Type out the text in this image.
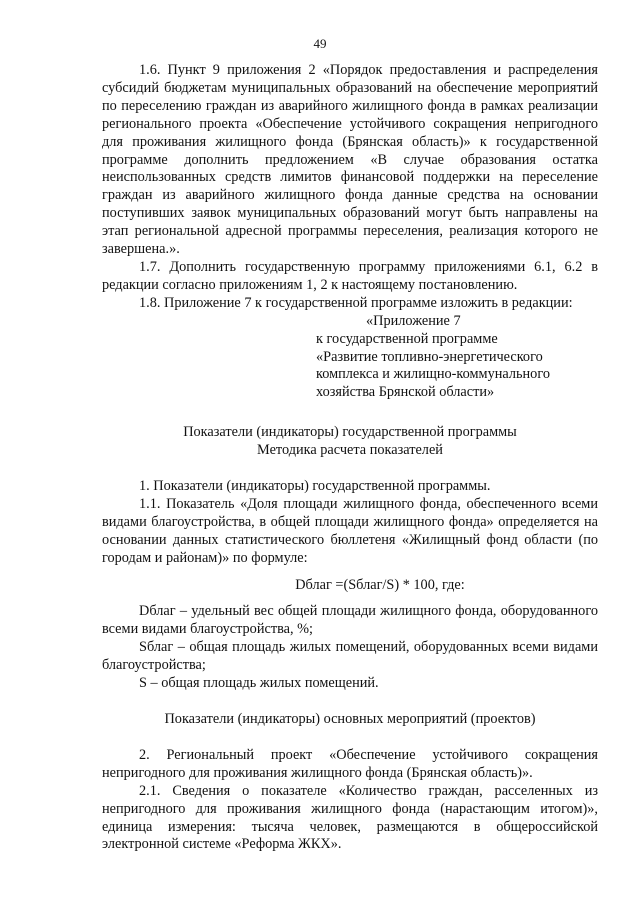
49

1.6. Пункт 9 приложения 2 «Порядок предоставления и распределения субсидий бюджетам муниципальных образований на обеспечение мероприятий по переселению граждан из аварийного жилищного фонда в рамках реализации регионального проекта «Обеспечение устойчивого сокращения непригодного для проживания жилищного фонда (Брянская область)» к государственной программе дополнить предложением «В случае образования остатка неиспользованных средств лимитов финансовой поддержки на переселение граждан из аварийного жилищного фонда данные средства на основании поступивших заявок муниципальных образований могут быть направлены на этап региональной адресной программы переселения, реализация которого не завершена.».

1.7. Дополнить государственную программу приложениями 6.1, 6.2 в редакции согласно приложениям 1, 2 к настоящему постановлению.

1.8. Приложение 7 к государственной программе изложить в редакции:

«Приложение 7
к государственной программе
«Развитие топливно-энергетического комплекса и жилищно-коммунального хозяйства Брянской области»

Показатели (индикаторы) государственной программы

Методика расчета показателей

1. Показатели (индикаторы) государственной программы.

1.1. Показатель «Доля площади жилищного фонда, обеспеченного всеми видами благоустройства, в общей площади жилищного фонда» определяется на основании данных статистического бюллетеня «Жилищный фонд области (по городам и районам)» по формуле:

Dблаг =(Sблаг/S) * 100, где:

Dблаг – удельный вес общей площади жилищного фонда, оборудованного всеми видами благоустройства, %;

Sблаг – общая площадь жилых помещений, оборудованных всеми видами благоустройства;

S – общая площадь жилых помещений.

Показатели (индикаторы) основных мероприятий (проектов)

2. Региональный проект «Обеспечение устойчивого сокращения непригодного для проживания жилищного фонда (Брянская область)».

2.1. Сведения о показателе «Количество граждан, расселенных из непригодного для проживания жилищного фонда (нарастающим итогом)», единица измерения: тысяча человек, размещаются в общероссийской электронной системе «Реформа ЖКХ».
